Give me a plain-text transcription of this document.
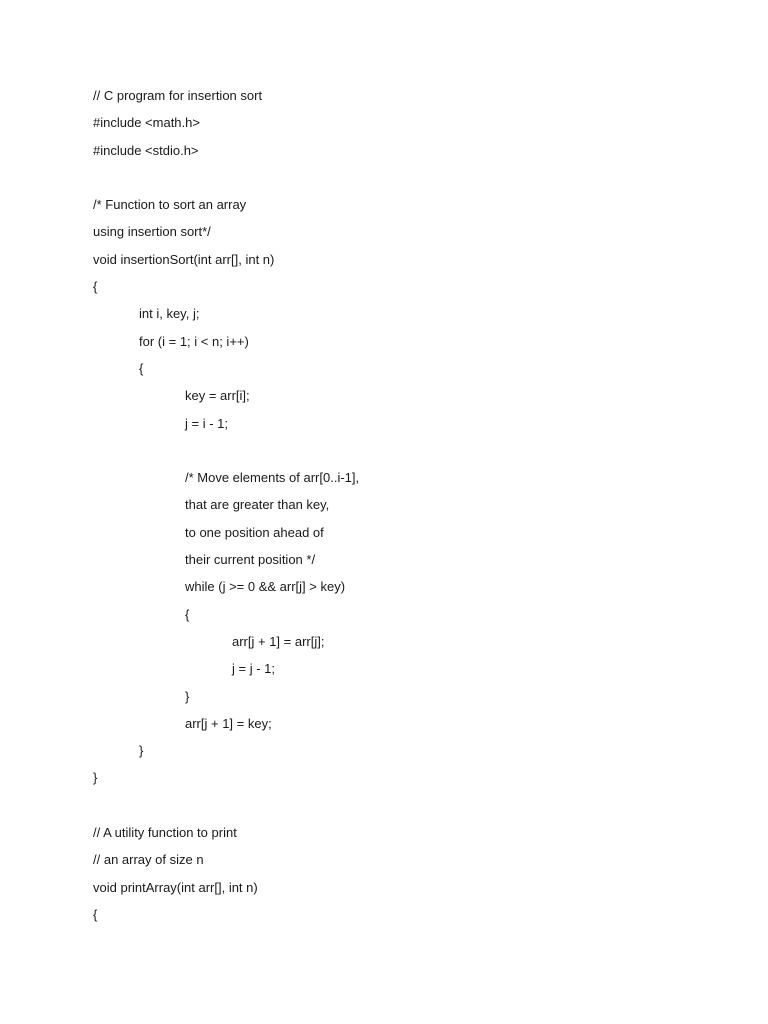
// C program for insertion sort
#include <math.h>
#include <stdio.h>
/* Function to sort an array
using insertion sort*/
void insertionSort(int arr[], int n)
{
int i, key, j;
for (i = 1; i < n; i++)
{
key = arr[i];
j = i - 1;
/* Move elements of arr[0..i-1],
that are greater than key,
to one position ahead of
their current position */
while (j >= 0 && arr[j] > key)
{
arr[j + 1] = arr[j];
j = j - 1;
}
arr[j + 1] = key;
}
}
// A utility function to print
// an array of size n
void printArray(int arr[], int n)
{
